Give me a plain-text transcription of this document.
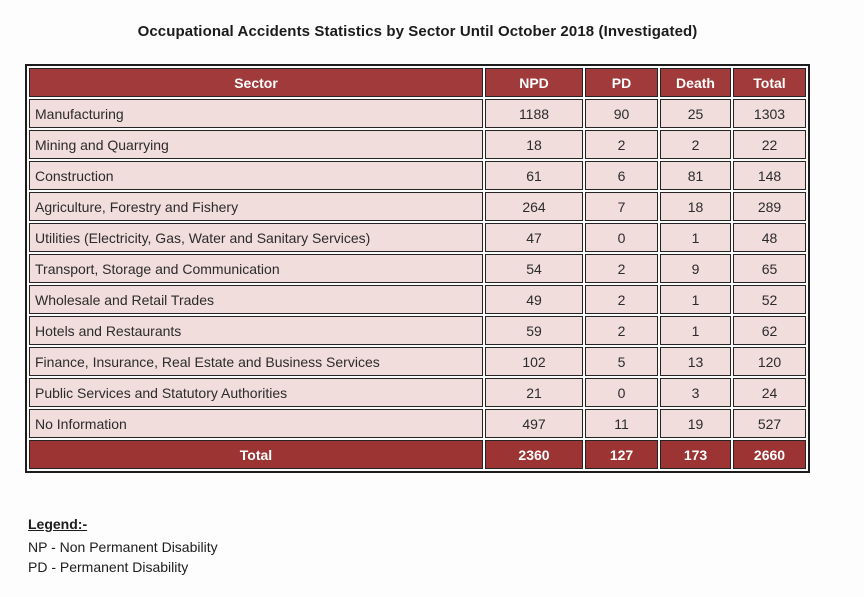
Occupational Accidents Statistics by Sector Until October 2018 (Investigated)
Sector	NPD	PD	Death	Total
Manufacturing	1188	90	25	1303
Mining and Quarrying	18	2	2	22
Construction	61	6	81	148
Agriculture, Forestry and Fishery	264	7	18	289
Utilities (Electricity, Gas, Water and Sanitary Services)	47	0	1	48
Transport, Storage and Communication	54	2	9	65
Wholesale and Retail Trades	49	2	1	52
Hotels and Restaurants	59	2	1	62
Finance, Insurance, Real Estate and Business Services	102	5	13	120
Public Services and Statutory Authorities	21	0	3	24
No Information	497	11	19	527
Total	2360	127	173	2660
Legend:-
NP - Non Permanent Disability
PD - Permanent Disability
